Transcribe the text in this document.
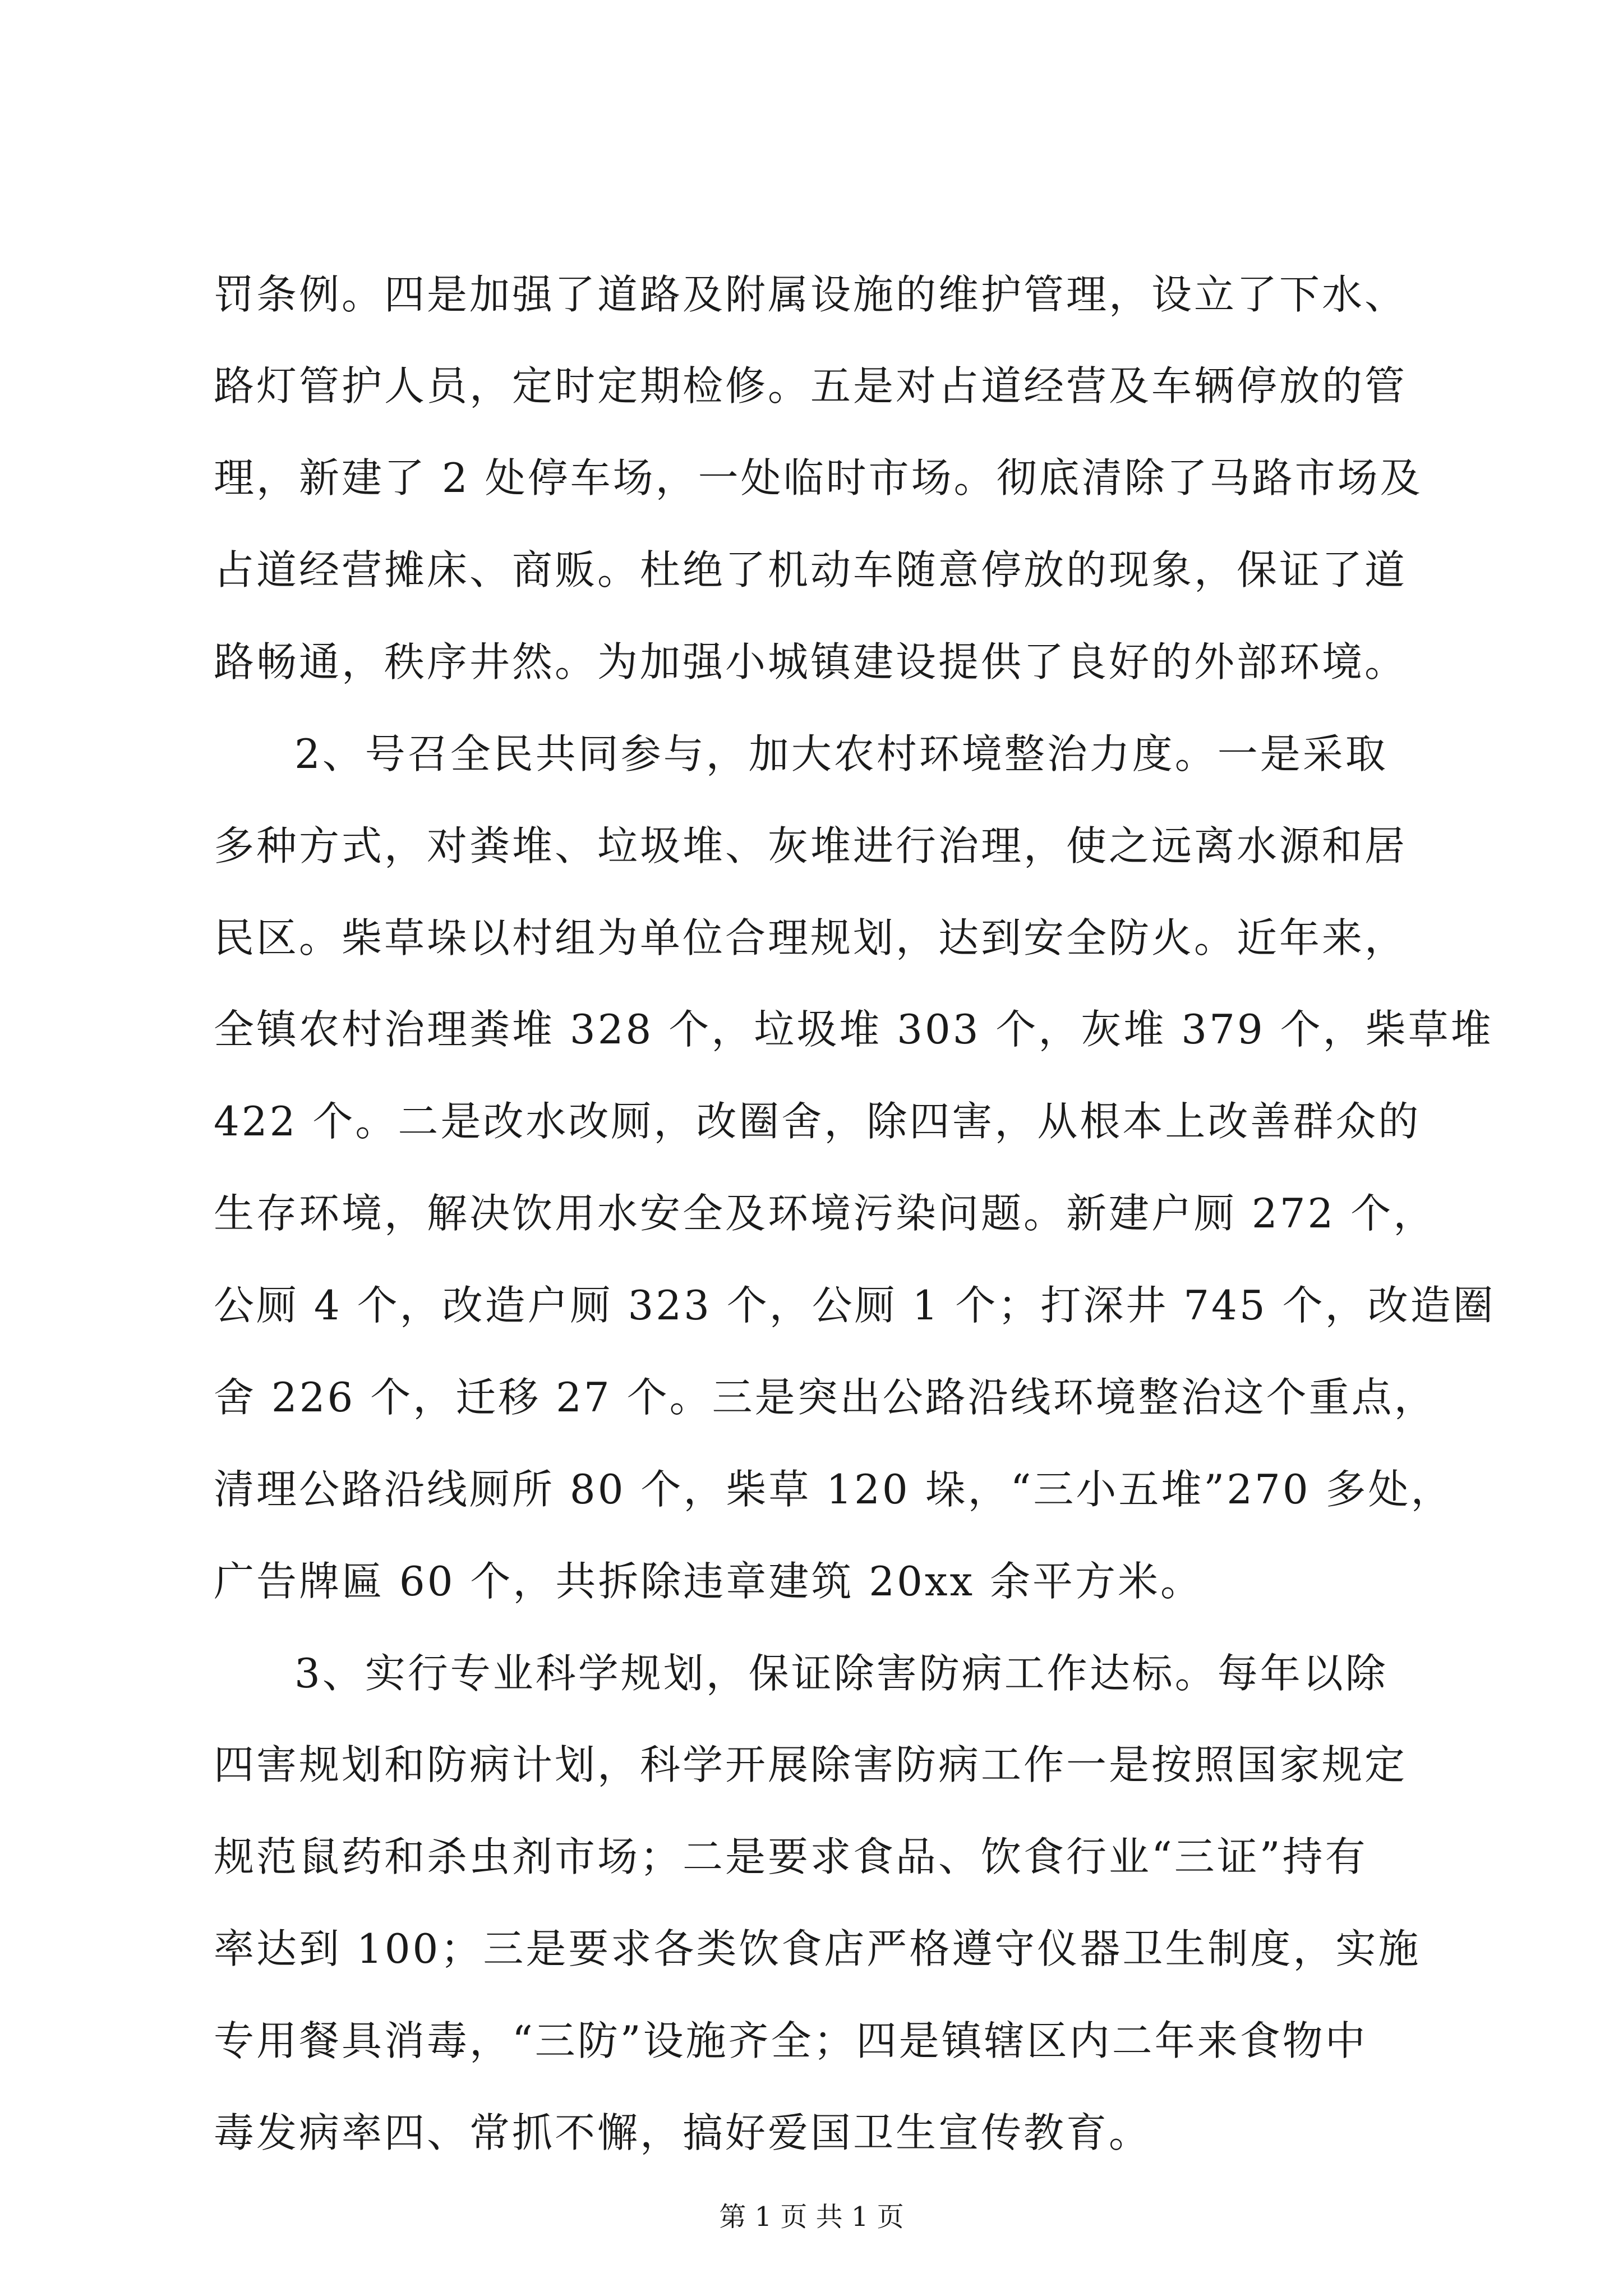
罚条例。四是加强了道路及附属设施的维护管理，设立了下水、
路灯管护人员，定时定期检修。五是对占道经营及车辆停放的管
理，新建了 2 处停车场，一处临时市场。彻底清除了马路市场及
占道经营摊床、商贩。杜绝了机动车随意停放的现象，保证了道
路畅通，秩序井然。为加强小城镇建设提供了良好的外部环境。
2、号召全民共同参与，加大农村环境整治力度。一是采取
多种方式，对粪堆、垃圾堆、灰堆进行治理，使之远离水源和居
民区。柴草垛以村组为单位合理规划，达到安全防火。近年来，
全镇农村治理粪堆 328 个，垃圾堆 303 个，灰堆 379 个，柴草堆
422 个。二是改水改厕，改圈舍，除四害，从根本上改善群众的
生存环境，解决饮用水安全及环境污染问题。新建户厕 272 个，
公厕 4 个，改造户厕 323 个，公厕 1 个；打深井 745 个，改造圈
舍 226 个，迁移 27 个。三是突出公路沿线环境整治这个重点，
清理公路沿线厕所 80 个，柴草 120 垛，“三小五堆”270 多处，
广告牌匾 60 个，共拆除违章建筑 20xx 余平方米。
3、实行专业科学规划，保证除害防病工作达标。每年以除
四害规划和防病计划，科学开展除害防病工作一是按照国家规定
规范鼠药和杀虫剂市场；二是要求食品、饮食行业“三证”持有
率达到 100；三是要求各类饮食店严格遵守仪器卫生制度，实施
专用餐具消毒，“三防”设施齐全；四是镇辖区内二年来食物中
毒发病率四、常抓不懈，搞好爱国卫生宣传教育。
第 1 页 共 1 页
